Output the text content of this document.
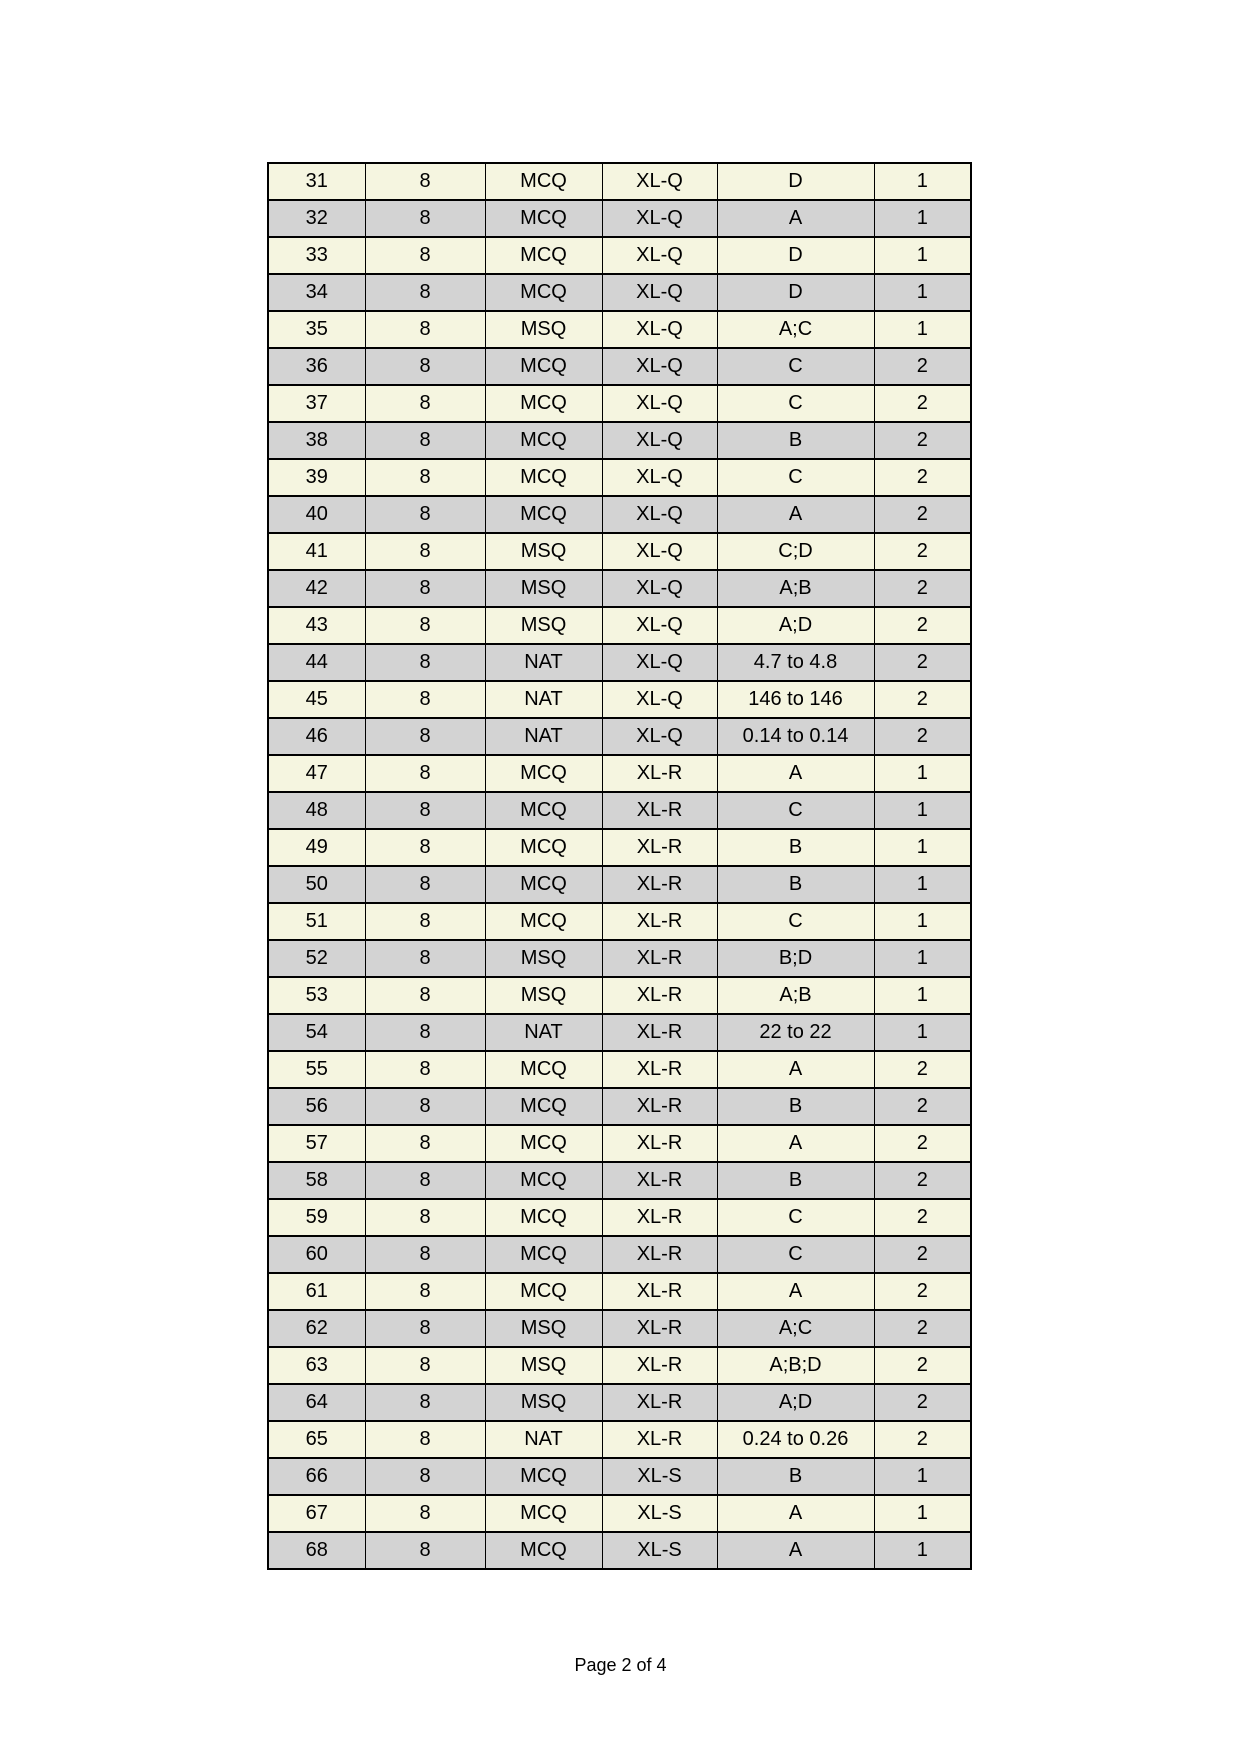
31	8	MCQ	XL-Q	D	1
32	8	MCQ	XL-Q	A	1
33	8	MCQ	XL-Q	D	1
34	8	MCQ	XL-Q	D	1
35	8	MSQ	XL-Q	A;C	1
36	8	MCQ	XL-Q	C	2
37	8	MCQ	XL-Q	C	2
38	8	MCQ	XL-Q	B	2
39	8	MCQ	XL-Q	C	2
40	8	MCQ	XL-Q	A	2
41	8	MSQ	XL-Q	C;D	2
42	8	MSQ	XL-Q	A;B	2
43	8	MSQ	XL-Q	A;D	2
44	8	NAT	XL-Q	4.7 to 4.8	2
45	8	NAT	XL-Q	146 to 146	2
46	8	NAT	XL-Q	0.14 to 0.14	2
47	8	MCQ	XL-R	A	1
48	8	MCQ	XL-R	C	1
49	8	MCQ	XL-R	B	1
50	8	MCQ	XL-R	B	1
51	8	MCQ	XL-R	C	1
52	8	MSQ	XL-R	B;D	1
53	8	MSQ	XL-R	A;B	1
54	8	NAT	XL-R	22 to 22	1
55	8	MCQ	XL-R	A	2
56	8	MCQ	XL-R	B	2
57	8	MCQ	XL-R	A	2
58	8	MCQ	XL-R	B	2
59	8	MCQ	XL-R	C	2
60	8	MCQ	XL-R	C	2
61	8	MCQ	XL-R	A	2
62	8	MSQ	XL-R	A;C	2
63	8	MSQ	XL-R	A;B;D	2
64	8	MSQ	XL-R	A;D	2
65	8	NAT	XL-R	0.24 to 0.26	2
66	8	MCQ	XL-S	B	1
67	8	MCQ	XL-S	A	1
68	8	MCQ	XL-S	A	1
Page 2 of 4
